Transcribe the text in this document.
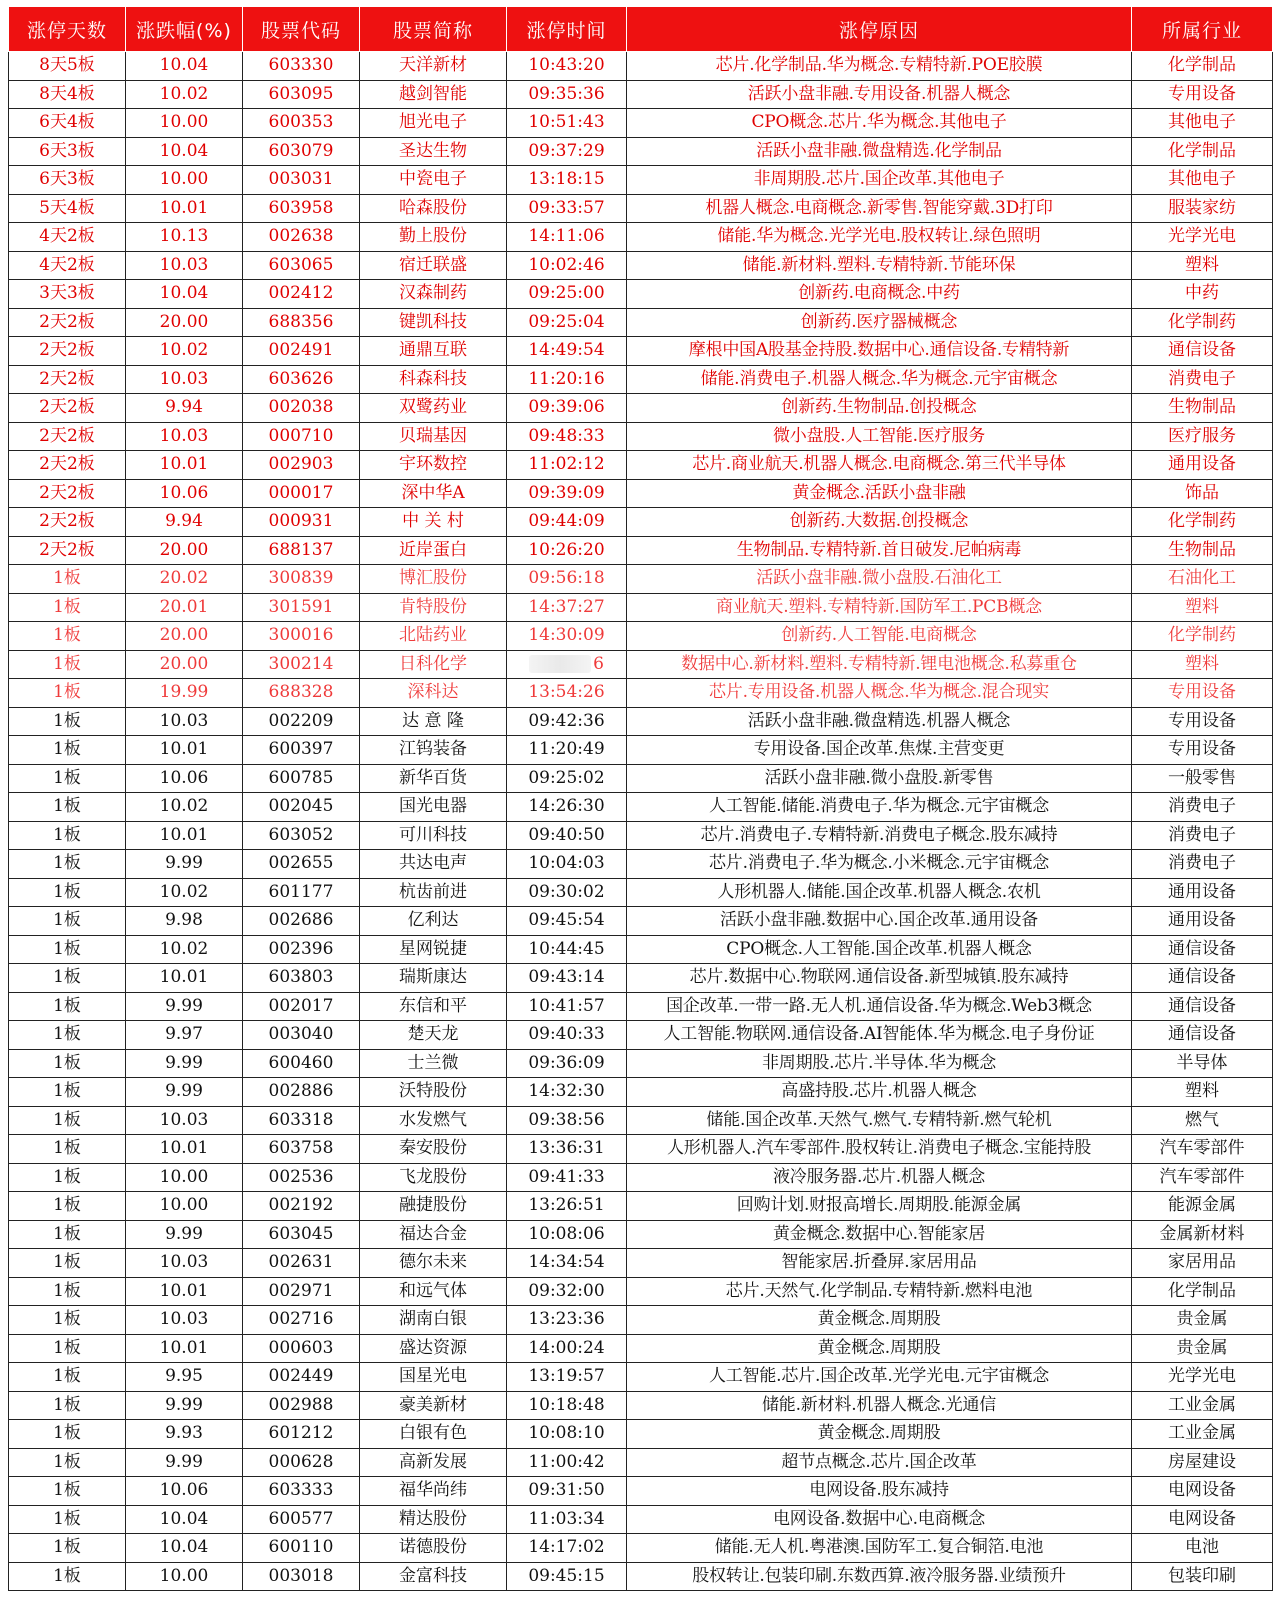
涨停天数	涨跌幅(%)	股票代码	股票简称	涨停时间	涨停原因	所属行业
8天5板	10.04	603330	天洋新材	10:43:20	芯片.化学制品.华为概念.专精特新.POE胶膜	化学制品
8天4板	10.02	603095	越剑智能	09:35:36	活跃小盘非融.专用设备.机器人概念	专用设备
6天4板	10.00	600353	旭光电子	10:51:43	CPO概念.芯片.华为概念.其他电子	其他电子
6天3板	10.04	603079	圣达生物	09:37:29	活跃小盘非融.微盘精选.化学制品	化学制品
6天3板	10.00	003031	中瓷电子	13:18:15	非周期股.芯片.国企改革.其他电子	其他电子
5天4板	10.01	603958	哈森股份	09:33:57	机器人概念.电商概念.新零售.智能穿戴.3D打印	服装家纺
4天2板	10.13	002638	勤上股份	14:11:06	储能.华为概念.光学光电.股权转让.绿色照明	光学光电
4天2板	10.03	603065	宿迁联盛	10:02:46	储能.新材料.塑料.专精特新.节能环保	塑料
3天3板	10.04	002412	汉森制药	09:25:00	创新药.电商概念.中药	中药
2天2板	20.00	688356	键凯科技	09:25:04	创新药.医疗器械概念	化学制药
2天2板	10.02	002491	通鼎互联	14:49:54	摩根中国A股基金持股.数据中心.通信设备.专精特新	通信设备
2天2板	10.03	603626	科森科技	11:20:16	储能.消费电子.机器人概念.华为概念.元宇宙概念	消费电子
2天2板	9.94	002038	双鹭药业	09:39:06	创新药.生物制品.创投概念	生物制品
2天2板	10.03	000710	贝瑞基因	09:48:33	微小盘股.人工智能.医疗服务	医疗服务
2天2板	10.01	002903	宇环数控	11:02:12	芯片.商业航天.机器人概念.电商概念.第三代半导体	通用设备
2天2板	10.06	000017	深中华A	09:39:09	黄金概念.活跃小盘非融	饰品
2天2板	9.94	000931	中 关 村	09:44:09	创新药.大数据.创投概念	化学制药
2天2板	20.00	688137	近岸蛋白	10:26:20	生物制品.专精特新.首日破发.尼帕病毒	生物制品
1板	20.02	300839	博汇股份	09:56:18	活跃小盘非融.微小盘股.石油化工	石油化工
1板	20.01	301591	肯特股份	14:37:27	商业航天.塑料.专精特新.国防军工.PCB概念	塑料
1板	20.00	300016	北陆药业	14:30:09	创新药.人工智能.电商概念	化学制药
1板	20.00	300214	日科化学	6	数据中心.新材料.塑料.专精特新.锂电池概念.私募重仓	塑料
1板	19.99	688328	深科达	13:54:26	芯片.专用设备.机器人概念.华为概念.混合现实	专用设备
1板	10.03	002209	达 意 隆	09:42:36	活跃小盘非融.微盘精选.机器人概念	专用设备
1板	10.01	600397	江钨装备	11:20:49	专用设备.国企改革.焦煤.主营变更	专用设备
1板	10.06	600785	新华百货	09:25:02	活跃小盘非融.微小盘股.新零售	一般零售
1板	10.02	002045	国光电器	14:26:30	人工智能.储能.消费电子.华为概念.元宇宙概念	消费电子
1板	10.01	603052	可川科技	09:40:50	芯片.消费电子.专精特新.消费电子概念.股东减持	消费电子
1板	9.99	002655	共达电声	10:04:03	芯片.消费电子.华为概念.小米概念.元宇宙概念	消费电子
1板	10.02	601177	杭齿前进	09:30:02	人形机器人.储能.国企改革.机器人概念.农机	通用设备
1板	9.98	002686	亿利达	09:45:54	活跃小盘非融.数据中心.国企改革.通用设备	通用设备
1板	10.02	002396	星网锐捷	10:44:45	CPO概念.人工智能.国企改革.机器人概念	通信设备
1板	10.01	603803	瑞斯康达	09:43:14	芯片.数据中心.物联网.通信设备.新型城镇.股东减持	通信设备
1板	9.99	002017	东信和平	10:41:57	国企改革.一带一路.无人机.通信设备.华为概念.Web3概念	通信设备
1板	9.97	003040	楚天龙	09:40:33	人工智能.物联网.通信设备.AI智能体.华为概念.电子身份证	通信设备
1板	9.99	600460	士兰微	09:36:09	非周期股.芯片.半导体.华为概念	半导体
1板	9.99	002886	沃特股份	14:32:30	高盛持股.芯片.机器人概念	塑料
1板	10.03	603318	水发燃气	09:38:56	储能.国企改革.天然气.燃气.专精特新.燃气轮机	燃气
1板	10.01	603758	秦安股份	13:36:31	人形机器人.汽车零部件.股权转让.消费电子概念.宝能持股	汽车零部件
1板	10.00	002536	飞龙股份	09:41:33	液冷服务器.芯片.机器人概念	汽车零部件
1板	10.00	002192	融捷股份	13:26:51	回购计划.财报高增长.周期股.能源金属	能源金属
1板	9.99	603045	福达合金	10:08:06	黄金概念.数据中心.智能家居	金属新材料
1板	10.03	002631	德尔未来	14:34:54	智能家居.折叠屏.家居用品	家居用品
1板	10.01	002971	和远气体	09:32:00	芯片.天然气.化学制品.专精特新.燃料电池	化学制品
1板	10.03	002716	湖南白银	13:23:36	黄金概念.周期股	贵金属
1板	10.01	000603	盛达资源	14:00:24	黄金概念.周期股	贵金属
1板	9.95	002449	国星光电	13:19:57	人工智能.芯片.国企改革.光学光电.元宇宙概念	光学光电
1板	9.99	002988	豪美新材	10:18:48	储能.新材料.机器人概念.光通信	工业金属
1板	9.93	601212	白银有色	10:08:10	黄金概念.周期股	工业金属
1板	9.99	000628	高新发展	11:00:42	超节点概念.芯片.国企改革	房屋建设
1板	10.06	603333	福华尚纬	09:31:50	电网设备.股东减持	电网设备
1板	10.04	600577	精达股份	11:03:34	电网设备.数据中心.电商概念	电网设备
1板	10.04	600110	诺德股份	14:17:02	储能.无人机.粤港澳.国防军工.复合铜箔.电池	电池
1板	10.00	003018	金富科技	09:45:15	股权转让.包装印刷.东数西算.液冷服务器.业绩预升	包装印刷
